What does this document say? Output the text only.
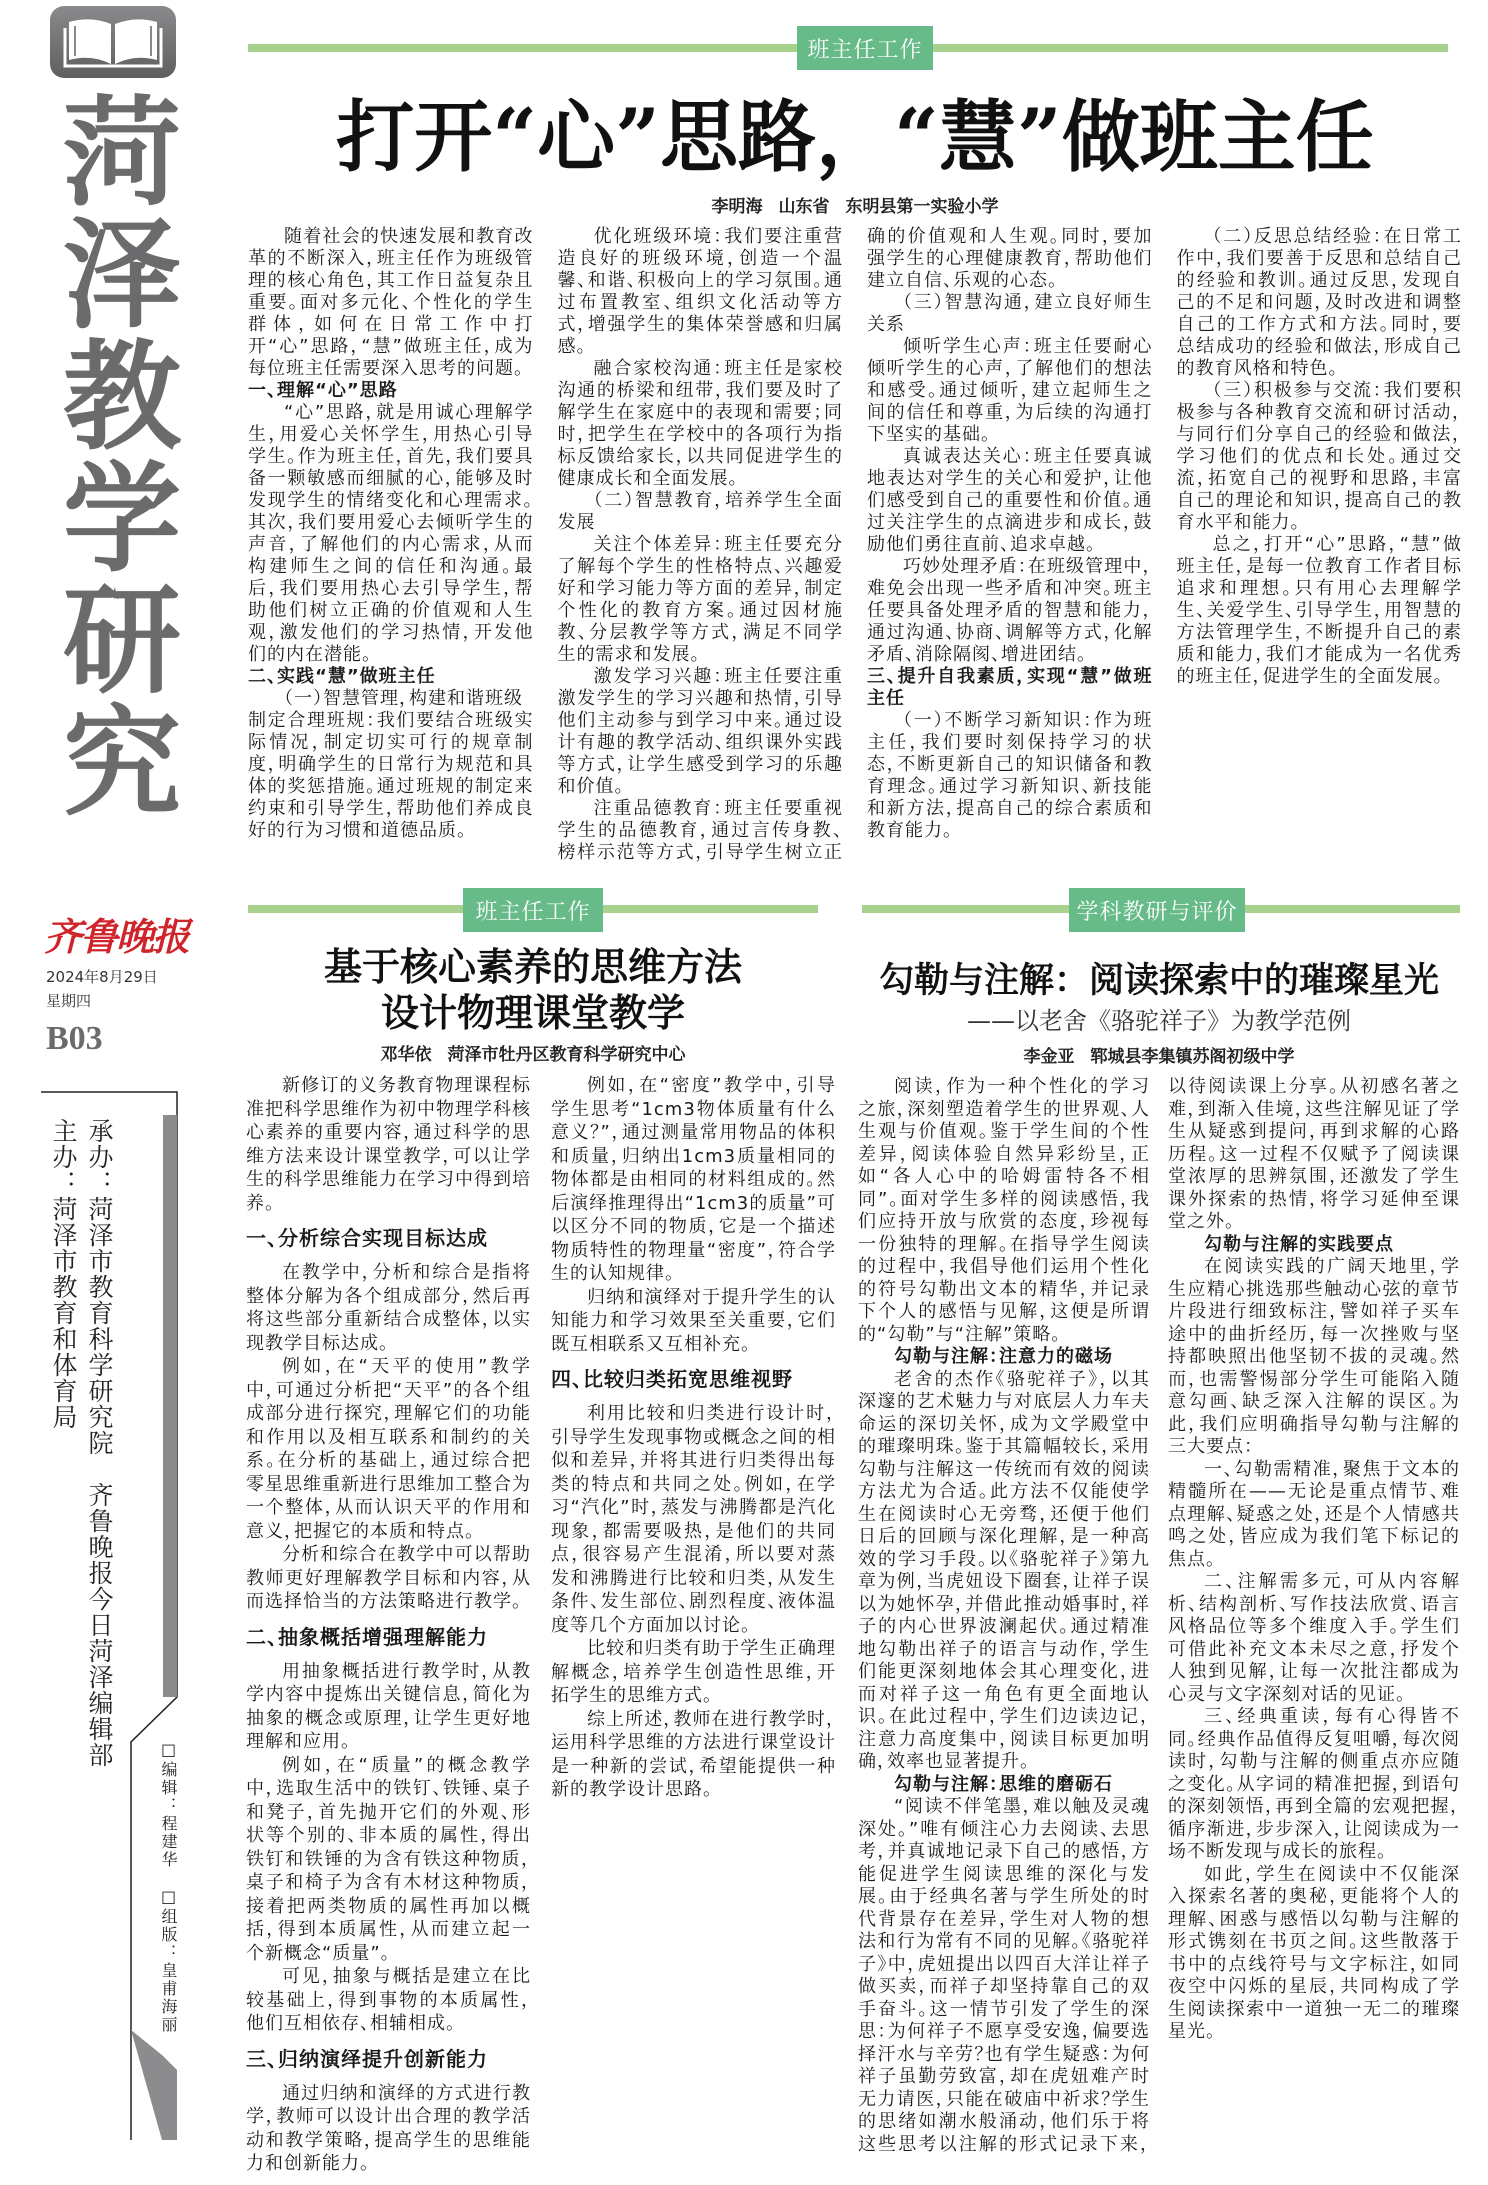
菏泽教学研究
齐鲁晚报
2024年8月29日
星期四
B03
承办：菏泽市教育科学研究院　齐鲁晚报今日菏泽编辑部
主办：菏泽市教育和体育局
□编辑：程建华　□组版：皇甫海丽
班主任工作
打开“心”思路，“慧”做班主任
李明海 山东省 东明县第一实验小学

随着社会的快速发展和教育改革的不断深入，班主任作为班级管理的核心角色，其工作日益复杂且重要。面对多元化、个性化的学生群体，如何在日常工作中打开“心”思路，“慧”做班主任，成为每位班主任需要深入思考的问题。

一、理解“心”思路

“心”思路，就是用诚心理解学生，用爱心关怀学生，用热心引导学生。作为班主任，首先，我们要具备一颗敏感而细腻的心，能够及时发现学生的情绪变化和心理需求。其次，我们要用爱心去倾听学生的声音，了解他们的内心需求，从而构建师生之间的信任和沟通。最后，我们要用热心去引导学生，帮助他们树立正确的价值观和人生观，激发他们的学习热情，开发他们的内在潜能。

二、实践“慧”做班主任

（一）智慧管理，构建和谐班级

制定合理班规：我们要结合班级实际情况，制定切实可行的规章制度，明确学生的日常行为规范和具体的奖惩措施。通过班规的制定来约束和引导学生，帮助他们养成良好的行为习惯和道德品质。

优化班级环境：我们要注重营造良好的班级环境，创造一个温馨、和谐、积极向上的学习氛围。通过布置教室、组织文化活动等方式，增强学生的集体荣誉感和归属感。

融合家校沟通：班主任是家校沟通的桥梁和纽带，我们要及时了解学生在家庭中的表现和需要；同时，把学生在学校中的各项行为指标反馈给家长，以共同促进学生的健康成长和全面发展。

（二）智慧教育，培养学生全面发展

关注个体差异：班主任要充分了解每个学生的性格特点、兴趣爱好和学习能力等方面的差异，制定个性化的教育方案。通过因材施教、分层教学等方式，满足不同学生的需求和发展。

激发学习兴趣：班主任要注重激发学生的学习兴趣和热情，引导他们主动参与到学习中来。通过设计有趣的教学活动、组织课外实践等方式，让学生感受到学习的乐趣和价值。

注重品德教育：班主任要重视学生的品德教育，通过言传身教、榜样示范等方式，引导学生树立正确的价值观和人生观。同时，要加强学生的心理健康教育，帮助他们建立自信、乐观的心态。

（三）智慧沟通，建立良好师生关系

倾听学生心声：班主任要耐心倾听学生的心声，了解他们的想法和感受。通过倾听，建立起师生之间的信任和尊重，为后续的沟通打下坚实的基础。

真诚表达关心：班主任要真诚地表达对学生的关心和爱护，让他们感受到自己的重要性和价值。通过关注学生的点滴进步和成长，鼓励他们勇往直前、追求卓越。

巧妙处理矛盾：在班级管理中，难免会出现一些矛盾和冲突。班主任要具备处理矛盾的智慧和能力，通过沟通、协商、调解等方式，化解矛盾、消除隔阂、增进团结。

三、提升自我素质，实现“慧”做班主任

（一）不断学习新知识：作为班主任，我们要时刻保持学习的状态，不断更新自己的知识储备和教育理念。通过学习新知识、新技能和新方法，提高自己的综合素质和教育能力。

（二）反思总结经验：在日常工作中，我们要善于反思和总结自己的经验和教训。通过反思，发现自己的不足和问题，及时改进和调整自己的工作方式和方法。同时，要总结成功的经验和做法，形成自己的教育风格和特色。

（三）积极参与交流：我们要积极参与各种教育交流和研讨活动，与同行们分享自己的经验和做法，学习他们的优点和长处。通过交流，拓宽自己的视野和思路，丰富自己的理论和知识，提高自己的教育水平和能力。

总之，打开“心”思路，“慧”做班主任，是每一位教育工作者目标追求和理想。只有用心去理解学生、关爱学生、引导学生，用智慧的方法管理学生，不断提升自己的素质和能力，我们才能成为一名优秀的班主任，促进学生的全面发展。

班主任工作
基于核心素养的思维方法
设计物理课堂教学
邓华依 菏泽市牡丹区教育科学研究中心

新修订的义务教育物理课程标准把科学思维作为初中物理学科核心素养的重要内容，通过科学的思维方法来设计课堂教学，可以让学生的科学思维能力在学习中得到培养。

一、分析综合实现目标达成

在教学中，分析和综合是指将整体分解为各个组成部分，然后再将这些部分重新结合成整体，以实现教学目标达成。

例如，在“天平的使用”教学中，可通过分析把“天平”的各个组成部分进行探究，理解它们的功能和作用以及相互联系和制约的关系。在分析的基础上，通过综合把零星思维重新进行思维加工整合为一个整体，从而认识天平的作用和意义，把握它的本质和特点。

分析和综合在教学中可以帮助教师更好理解教学目标和内容，从而选择恰当的方法策略进行教学。

二、抽象概括增强理解能力

用抽象概括进行教学时，从教学内容中提炼出关键信息，简化为抽象的概念或原理，让学生更好地理解和应用。

例如，在“质量”的概念教学中，选取生活中的铁钉、铁锤、桌子和凳子，首先抛开它们的外观、形状等个别的、非本质的属性，得出铁钉和铁锤的为含有铁这种物质，桌子和椅子为含有木材这种物质，接着把两类物质的属性再加以概括，得到本质属性，从而建立起一个新概念“质量”。

可见，抽象与概括是建立在比较基础上，得到事物的本质属性，他们互相依存、相辅相成。

三、归纳演绎提升创新能力

通过归纳和演绎的方式进行教学，教师可以设计出合理的教学活动和教学策略，提高学生的思维能力和创新能力。

例如，在“密度”教学中，引导学生思考“1cm3物体质量有什么意义？”，通过测量常用物品的体积和质量，归纳出1cm3质量相同的物体都是由相同的材料组成的。然后演绎推理得出“1cm3的质量”可以区分不同的物质，它是一个描述物质特性的物理量“密度”，符合学生的认知规律。

归纳和演绎对于提升学生的认知能力和学习效果至关重要，它们既互相联系又互相补充。

四、比较归类拓宽思维视野

利用比较和归类进行设计时，引导学生发现事物或概念之间的相似和差异，并将其进行归类得出每类的特点和共同之处。例如，在学习“汽化”时，蒸发与沸腾都是汽化现象，都需要吸热，是他们的共同点，很容易产生混淆，所以要对蒸发和沸腾进行比较和归类，从发生条件、发生部位、剧烈程度、液体温度等几个方面加以讨论。

比较和归类有助于学生正确理解概念，培养学生创造性思维，开拓学生的思维方式。

综上所述，教师在进行教学时，运用科学思维的方法进行课堂设计是一种新的尝试，希望能提供一种新的教学设计思路。

学科教研与评价
勾勒与注解：阅读探索中的璀璨星光
——以老舍《骆驼祥子》为教学范例
李金亚 郓城县李集镇苏阁初级中学

阅读，作为一种个性化的学习之旅，深刻塑造着学生的世界观、人生观与价值观。鉴于学生间的个性差异，阅读体验自然异彩纷呈，正如“各人心中的哈姆雷特各不相同”。面对学生多样的阅读感悟，我们应持开放与欣赏的态度，珍视每一份独特的理解。在指导学生阅读的过程中，我倡导他们运用个性化的符号勾勒出文本的精华，并记录下个人的感悟与见解，这便是所谓的“勾勒”与“注解”策略。

勾勒与注解：注意力的磁场

老舍的杰作《骆驼祥子》，以其深邃的艺术魅力与对底层人力车夫命运的深切关怀，成为文学殿堂中的璀璨明珠。鉴于其篇幅较长，采用勾勒与注解这一传统而有效的阅读方法尤为合适。此方法不仅能使学生在阅读时心无旁骛，还便于他们日后的回顾与深化理解，是一种高效的学习手段。以《骆驼祥子》第九章为例，当虎妞设下圈套，让祥子误以为她怀孕，并借此推动婚事时，祥子的内心世界波澜起伏。通过精准地勾勒出祥子的语言与动作，学生们能更深刻地体会其心理变化，进而对祥子这一角色有更全面地认识。在此过程中，学生们边读边记，注意力高度集中，阅读目标更加明确，效率也显著提升。

勾勒与注解：思维的磨砺石

“阅读不伴笔墨，难以触及灵魂深处。”唯有倾注心力去阅读、去思考，并真诚地记录下自己的感悟，方能促进学生阅读思维的深化与发展。由于经典名著与学生所处的时代背景存在差异，学生对人物的想法和行为常有不同的见解。《骆驼祥子》中，虎妞提出以四百大洋让祥子做买卖，而祥子却坚持靠自己的双手奋斗。这一情节引发了学生的深思：为何祥子不愿享受安逸，偏要选择汗水与辛劳？也有学生疑惑：为何祥子虽勤劳致富，却在虎妞难产时无力请医，只能在破庙中祈求？学生的思绪如潮水般涌动，他们乐于将这些思考以注解的形式记录下来，以待阅读课上分享。从初感名著之难，到渐入佳境，这些注解见证了学生从疑惑到提问，再到求解的心路历程。这一过程不仅赋予了阅读课堂浓厚的思辨氛围，还激发了学生课外探索的热情，将学习延伸至课堂之外。

勾勒与注解的实践要点

在阅读实践的广阔天地里，学生应精心挑选那些触动心弦的章节片段进行细致标注，譬如祥子买车途中的曲折经历，每一次挫败与坚持都映照出他坚韧不拔的灵魂。然而，也需警惕部分学生可能陷入随意勾画、缺乏深入注解的误区。为此，我们应明确指导勾勒与注解的三大要点：

一、勾勒需精准，聚焦于文本的精髓所在——无论是重点情节、难点理解、疑惑之处，还是个人情感共鸣之处，皆应成为我们笔下标记的焦点。

二、注解需多元，可从内容解析、结构剖析、写作技法欣赏、语言风格品位等多个维度入手。学生们可借此补充文本未尽之意，抒发个人独到见解，让每一次批注都成为心灵与文字深刻对话的见证。

三、经典重读，每有心得皆不同。经典作品值得反复咀嚼，每次阅读时，勾勒与注解的侧重点亦应随之变化。从字词的精准把握，到语句的深刻领悟，再到全篇的宏观把握，循序渐进，步步深入，让阅读成为一场不断发现与成长的旅程。

如此，学生在阅读中不仅能深入探索名著的奥秘，更能将个人的理解、困惑与感悟以勾勒与注解的形式镌刻在书页之间。这些散落于书中的点线符号与文字标注，如同夜空中闪烁的星辰，共同构成了学生阅读探索中一道独一无二的璀璨星光。
